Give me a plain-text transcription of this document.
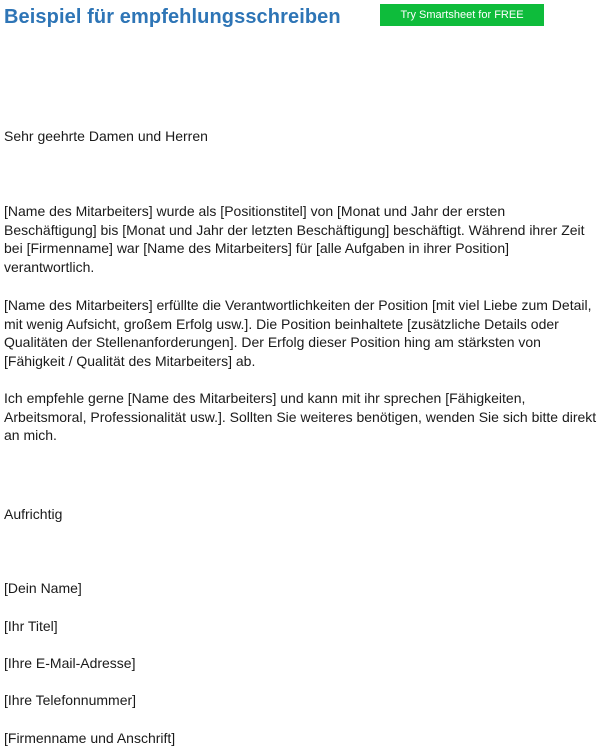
Beispiel für empfehlungsschreiben	Try Smartsheet for FREE

Sehr geehrte Damen und Herren

[Name des Mitarbeiters] wurde als [Positionstitel] von [Monat und Jahr der ersten Beschäftigung] bis [Monat und Jahr der letzten Beschäftigung] beschäftigt. Während ihrer Zeit bei [Firmenname] war [Name des Mitarbeiters] für [alle Aufgaben in ihrer Position] verantwortlich.

[Name des Mitarbeiters] erfüllte die Verantwortlichkeiten der Position [mit viel Liebe zum Detail, mit wenig Aufsicht, großem Erfolg usw.]. Die Position beinhaltete [zusätzliche Details oder Qualitäten der Stellenanforderungen]. Der Erfolg dieser Position hing am stärksten von [Fähigkeit / Qualität des Mitarbeiters] ab.

Ich empfehle gerne [Name des Mitarbeiters] und kann mit ihr sprechen [Fähigkeiten, Arbeitsmoral, Professionalität usw.]. Sollten Sie weiteres benötigen, wenden Sie sich bitte direkt an mich.

Aufrichtig

[Dein Name]

[Ihr Titel]

[Ihre E-Mail-Adresse]

[Ihre Telefonnummer]

[Firmenname und Anschrift]
